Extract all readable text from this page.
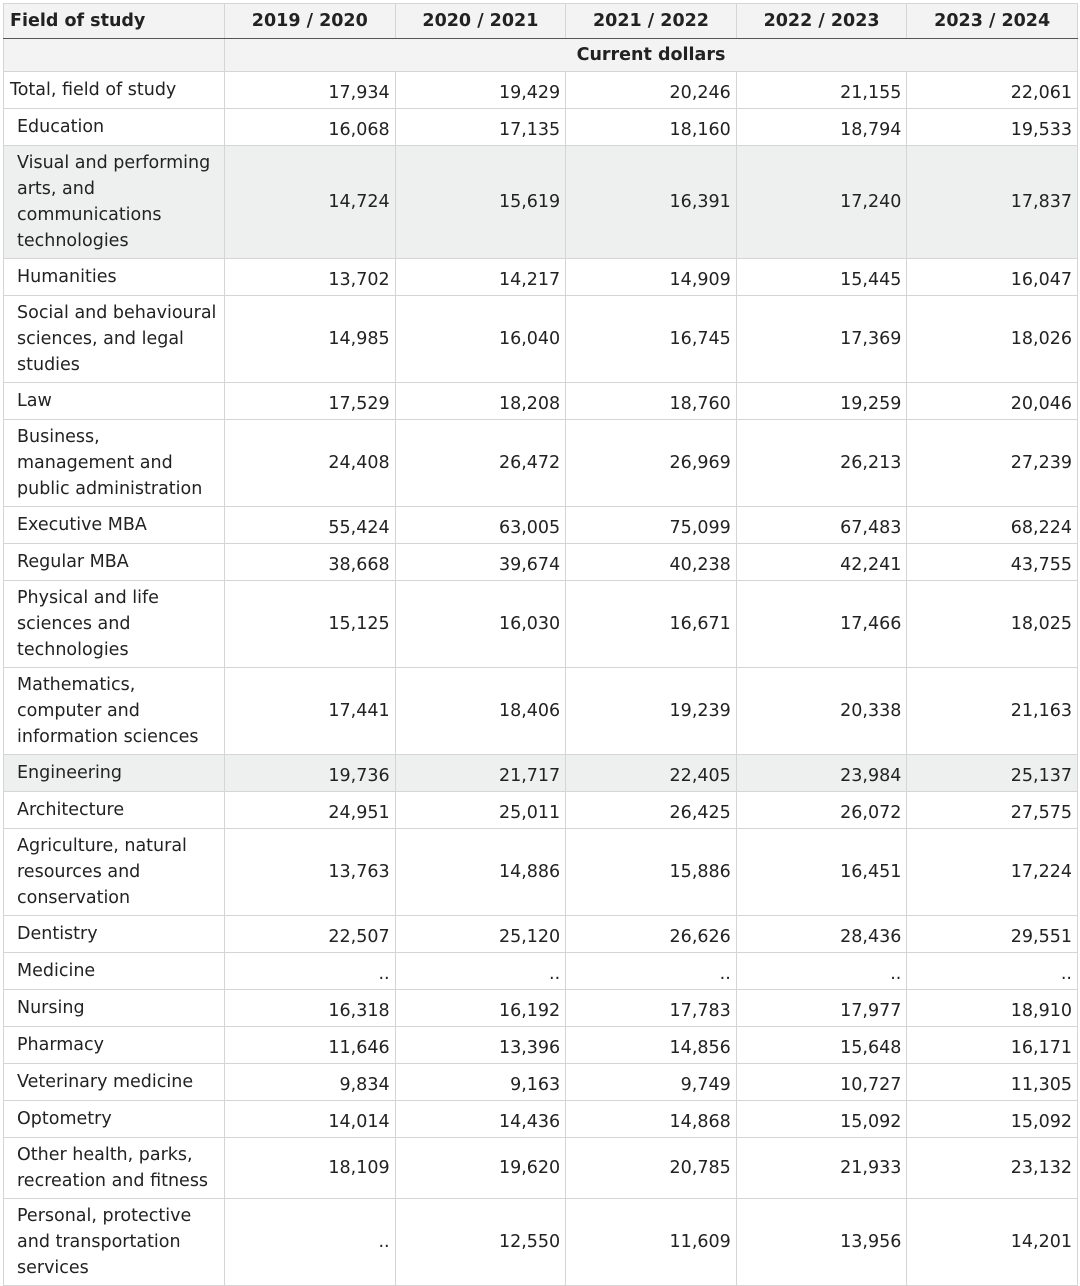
Field of study	2019 / 2020	2020 / 2021	2021 / 2022	2022 / 2023	2023 / 2024
	Current dollars				
Total, field of study	17,934	19,429	20,246	21,155	22,061
Education	16,068	17,135	18,160	18,794	19,533
Visual and performing arts, and communications technologies	14,724	15,619	16,391	17,240	17,837
Humanities	13,702	14,217	14,909	15,445	16,047
Social and behavioural sciences, and legal studies	14,985	16,040	16,745	17,369	18,026
Law	17,529	18,208	18,760	19,259	20,046
Business, management and public administration	24,408	26,472	26,969	26,213	27,239
Executive MBA	55,424	63,005	75,099	67,483	68,224
Regular MBA	38,668	39,674	40,238	42,241	43,755
Physical and life sciences and technologies	15,125	16,030	16,671	17,466	18,025
Mathematics, computer and information sciences	17,441	18,406	19,239	20,338	21,163
Engineering	19,736	21,717	22,405	23,984	25,137
Architecture	24,951	25,011	26,425	26,072	27,575
Agriculture, natural resources and conservation	13,763	14,886	15,886	16,451	17,224
Dentistry	22,507	25,120	26,626	28,436	29,551
Medicine	..	..	..	..	..
Nursing	16,318	16,192	17,783	17,977	18,910
Pharmacy	11,646	13,396	14,856	15,648	16,171
Veterinary medicine	9,834	9,163	9,749	10,727	11,305
Optometry	14,014	14,436	14,868	15,092	15,092
Other health, parks, recreation and fitness	18,109	19,620	20,785	21,933	23,132
Personal, protective and transportation services	..	12,550	11,609	13,956	14,201
